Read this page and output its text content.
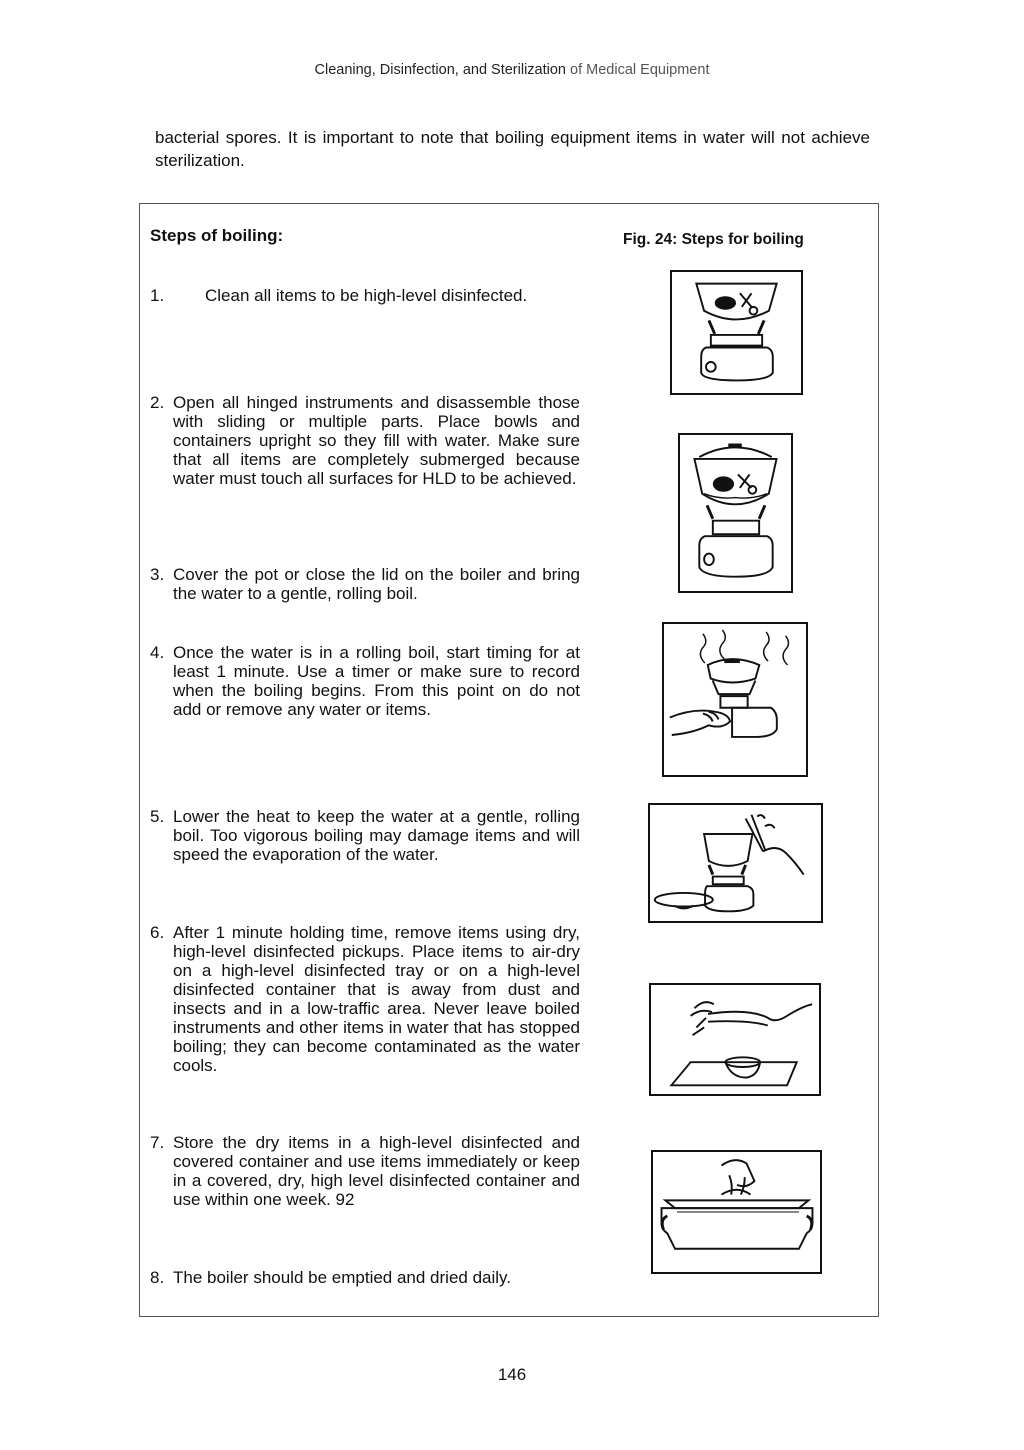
Cleaning, Disinfection, and Sterilization of Medical Equipment
bacterial spores. It is important to note that boiling equipment items in water will not achieve sterilization.
Steps of boiling:	Fig. 24: Steps for boiling
1.	Clean all items to be high-level disinfected.
2. Open all hinged instruments and disassemble those with sliding or multiple parts. Place bowls and containers upright so they fill with water. Make sure that all items are completely submerged because water must touch all surfaces for HLD to be achieved.
3. Cover the pot or close the lid on the boiler and bring the water to a gentle, rolling boil.
4. Once the water is in a rolling boil, start timing for at least 1 minute. Use a timer or make sure to record when the boiling begins. From this point on do not add or remove any water or items.
5. Lower the heat to keep the water at a gentle, rolling boil. Too vigorous boiling may damage items and will speed the evaporation of the water.
6. After 1 minute holding time, remove items using dry, high-level disinfected pickups. Place items to air-dry on a high-level disinfected tray or on a high-level disinfected container that is away from dust and insects and in a low-traffic area. Never leave boiled instruments and other items in water that has stopped boiling; they can become contaminated as the water cools.
7. Store the dry items in a high-level disinfected and covered container and use items immediately or keep in a covered, dry, high level disinfected container and use within one week. 92
8. The boiler should be emptied and dried daily.
146
